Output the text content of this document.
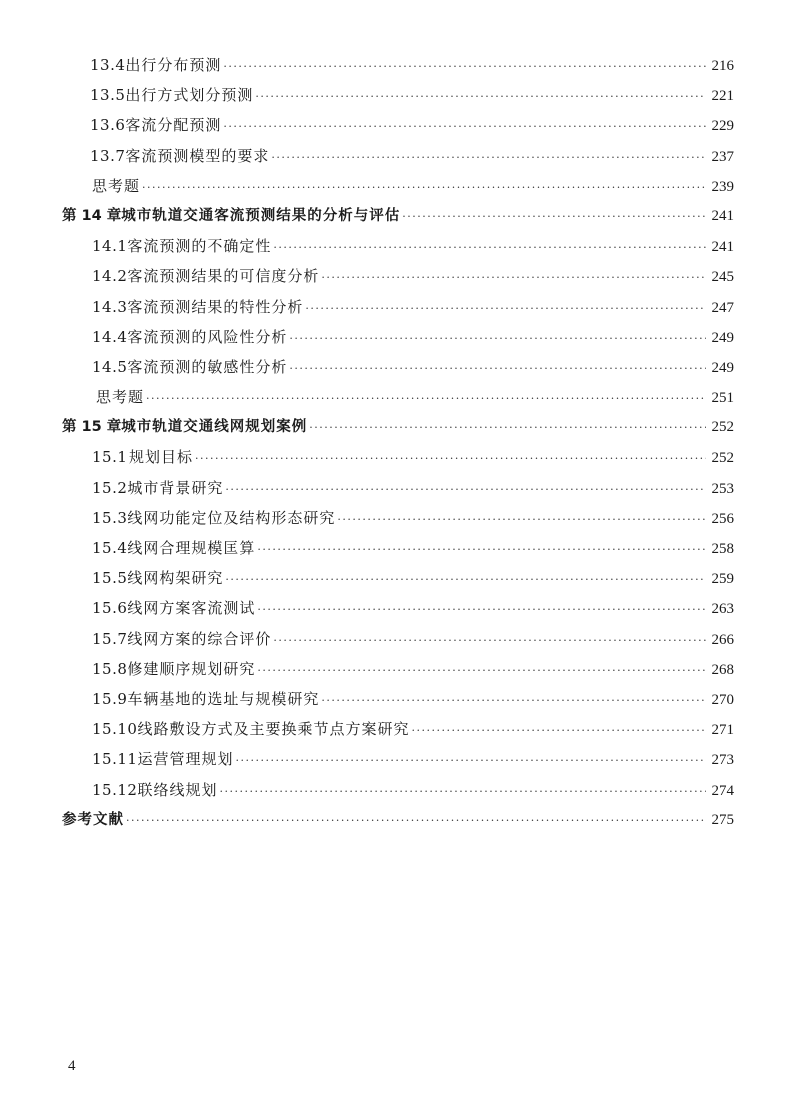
13.4 出行分布预测 ·····	216
13.5 出行方式划分预测 ·····	221
13.6 客流分配预测 ·····	229
13.7 客流预测模型的要求 ·····	237
思考题 ·····	239
第 14 章 城市轨道交通客流预测结果的分析与评估 ·····	241
14.1 客流预测的不确定性 ·····	241
14.2 客流预测结果的可信度分析 ·····	245
14.3 客流预测结果的特性分析 ·····	247
14.4 客流预测的风险性分析 ·····	249
14.5 客流预测的敏感性分析 ·····	249
思考题 ·····	251
第 15 章 城市轨道交通线网规划案例 ·····	252
15.1 规划目标 ·····	252
15.2 城市背景研究 ·····	253
15.3 线网功能定位及结构形态研究 ·····	256
15.4 线网合理规模匡算 ·····	258
15.5 线网构架研究 ·····	259
15.6 线网方案客流测试 ·····	263
15.7 线网方案的综合评价 ·····	266
15.8 修建顺序规划研究 ·····	268
15.9 车辆基地的选址与规模研究 ·····	270
15.10 线路敷设方式及主要换乘节点方案研究 ·····	271
15.11 运营管理规划 ·····	273
15.12 联络线规划 ·····	274
参考文献 ·····	275
4
